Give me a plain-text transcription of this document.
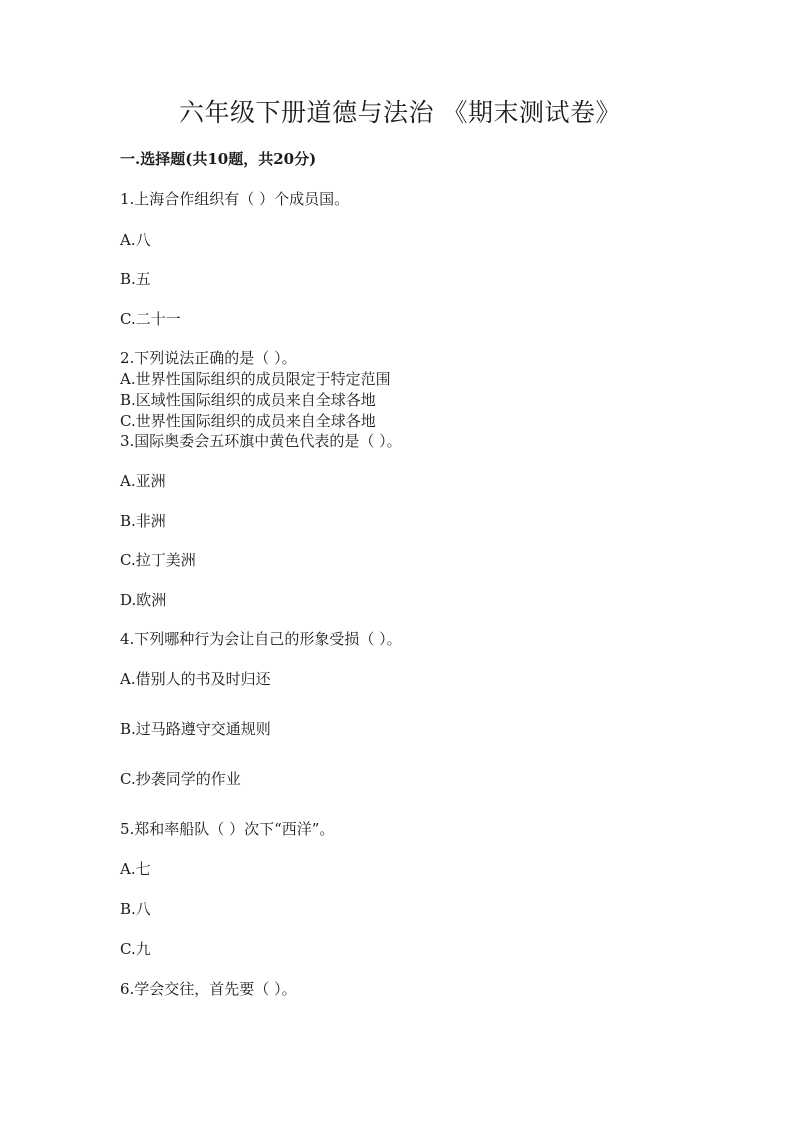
六年级下册道德与法治 《期末测试卷》
一.选择题(共10题，共20分)
1.上海合作组织有（ ）个成员国。
A.八
B.五
C.二十一
2.下列说法正确的是（ ）。
A.世界性国际组织的成员限定于特定范围
B.区域性国际组织的成员来自全球各地
C.世界性国际组织的成员来自全球各地
3.国际奥委会五环旗中黄色代表的是（ ）。
A.亚洲
B.非洲
C.拉丁美洲
D.欧洲
4.下列哪种行为会让自己的形象受损（ ）。
A.借别人的书及时归还
B.过马路遵守交通规则
C.抄袭同学的作业
5.郑和率船队（ ）次下“西洋”。
A.七
B.八
C.九
6.学会交往，首先要（ ）。
